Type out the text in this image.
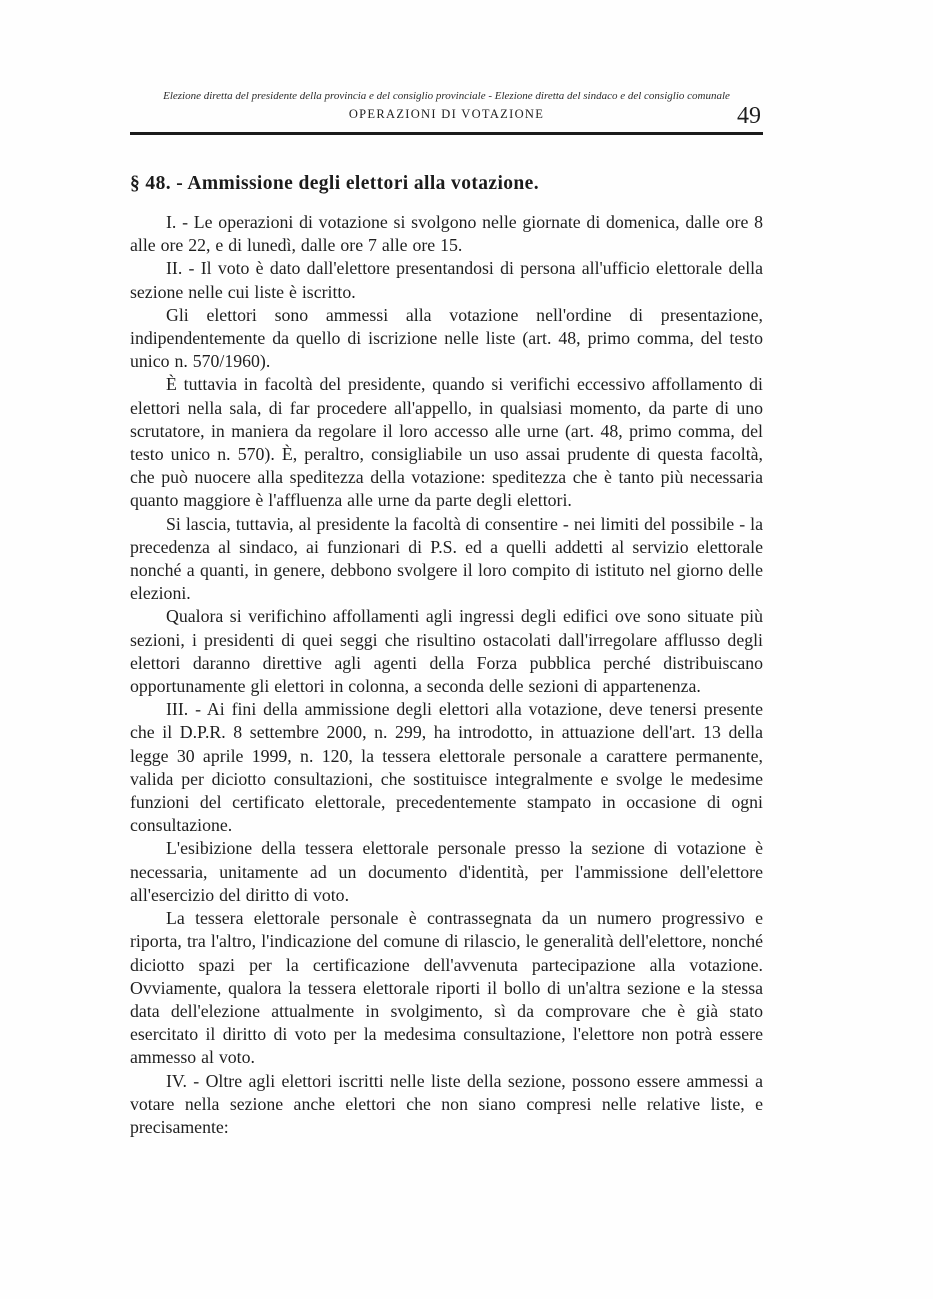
Elezione diretta del presidente della provincia e del consiglio provinciale - Elezione diretta del sindaco e del consiglio comunale
OPERAZIONI DI VOTAZIONE	49
§ 48. - Ammissione degli elettori alla votazione.

I. - Le operazioni di votazione si svolgono nelle giornate di domenica, dalle ore 8 alle ore 22, e di lunedì, dalle ore 7 alle ore 15.

II. - Il voto è dato dall'elettore presentandosi di persona all'ufficio elettorale della sezione nelle cui liste è iscritto.

Gli elettori sono ammessi alla votazione nell'ordine di presentazione, indipendentemente da quello di iscrizione nelle liste (art. 48, primo comma, del testo unico n. 570/1960).

È tuttavia in facoltà del presidente, quando si verifichi eccessivo affollamento di elettori nella sala, di far procedere all'appello, in qualsiasi momento, da parte di uno scrutatore, in maniera da regolare il loro accesso alle urne (art. 48, primo comma, del testo unico n. 570). È, peraltro, consigliabile un uso assai prudente di questa facoltà, che può nuocere alla speditezza della votazione: speditezza che è tanto più necessaria quanto maggiore è l'affluenza alle urne da parte degli elettori.

Si lascia, tuttavia, al presidente la facoltà di consentire - nei limiti del possibile - la precedenza al sindaco, ai funzionari di P.S. ed a quelli addetti al servizio elettorale nonché a quanti, in genere, debbono svolgere il loro compito di istituto nel giorno delle elezioni.

Qualora si verifichino affollamenti agli ingressi degli edifici ove sono situate più sezioni, i presidenti di quei seggi che risultino ostacolati dall'irregolare afflusso degli elettori daranno direttive agli agenti della Forza pubblica perché distribuiscano opportunamente gli elettori in colonna, a seconda delle sezioni di appartenenza.

III. - Ai fini della ammissione degli elettori alla votazione, deve tenersi presente che il D.P.R. 8 settembre 2000, n. 299, ha introdotto, in attuazione dell'art. 13 della legge 30 aprile 1999, n. 120, la tessera elettorale personale a carattere permanente, valida per diciotto consultazioni, che sostituisce integralmente e svolge le medesime funzioni del certificato elettorale, precedentemente stampato in occasione di ogni consultazione.

L'esibizione della tessera elettorale personale presso la sezione di votazione è necessaria, unitamente ad un documento d'identità, per l'ammissione dell'elettore all'esercizio del diritto di voto.

La tessera elettorale personale è contrassegnata da un numero progressivo e riporta, tra l'altro, l'indicazione del comune di rilascio, le generalità dell'elettore, nonché diciotto spazi per la certificazione dell'avvenuta partecipazione alla votazione. Ovviamente, qualora la tessera elettorale riporti il bollo di un'altra sezione e la stessa data dell'elezione attualmente in svolgimento, sì da comprovare che è già stato esercitato il diritto di voto per la medesima consultazione, l'elettore non potrà essere ammesso al voto.

IV. - Oltre agli elettori iscritti nelle liste della sezione, possono essere ammessi a votare nella sezione anche elettori che non siano compresi nelle relative liste, e precisamente:
